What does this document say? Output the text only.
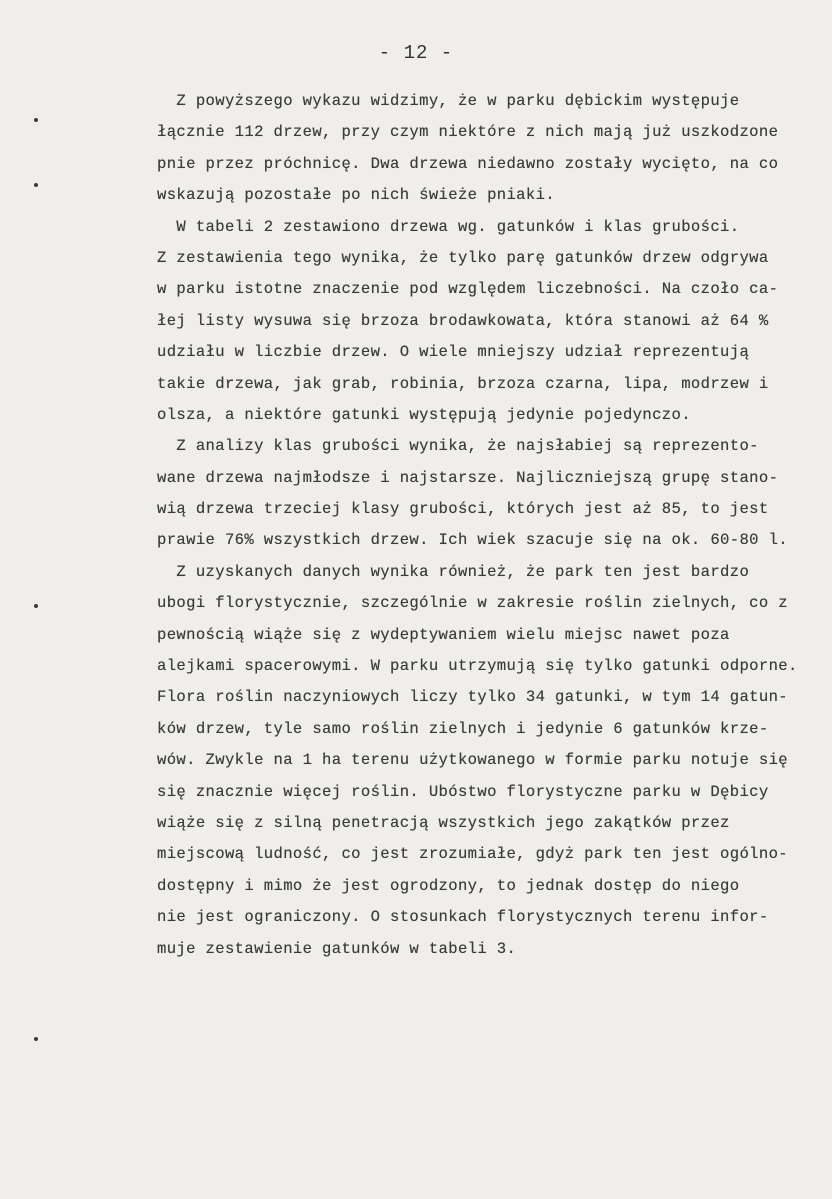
- 12 -
Z powyższego wykazu widzimy, że w parku dębickim występuje
łącznie 112 drzew, przy czym niektóre z nich mają już uszkodzone
pnie przez próchnicę. Dwa drzewa niedawno zostały wycięto, na co
wskazują pozostałe po nich świeże pniaki.
W tabeli 2 zestawiono drzewa wg. gatunków i klas grubości.
Z zestawienia tego wynika, że tylko parę gatunków drzew odgrywa
w parku istotne znaczenie pod względem liczebności. Na czoło ca-
łej listy wysuwa się brzoza brodawkowata, która stanowi aż 64 %
udziału w liczbie drzew. O wiele mniejszy udział reprezentują
takie drzewa, jak grab, robinia, brzoza czarna, lipa, modrzew i
olsza, a niektóre gatunki występują jedynie pojedynczo.
Z analizy klas grubości wynika, że najsłabiej są reprezento-
wane drzewa najmłodsze i najstarsze. Najliczniejszą grupę stano-
wią drzewa trzeciej klasy grubości, których jest aż 85, to jest
prawie 76% wszystkich drzew. Ich wiek szacuje się na ok. 60-80 l.
Z uzyskanych danych wynika również, że park ten jest bardzo
ubogi florystycznie, szczególnie w zakresie roślin zielnych, co z
pewnością wiąże się z wydeptywaniem wielu miejsc nawet poza
alejkami spacerowymi. W parku utrzymują się tylko gatunki odporne.
Flora roślin naczyniowych liczy tylko 34 gatunki, w tym 14 gatun-
ków drzew, tyle samo roślin zielnych i jedynie 6 gatunków krze-
wów. Zwykle na 1 ha terenu użytkowanego w formie parku notuje się
się znacznie więcej roślin. Ubóstwo florystyczne parku w Dębicy
wiąże się z silną penetracją wszystkich jego zakątków przez
miejscową ludność, co jest zrozumiałe, gdyż park ten jest ogólno-
dostępny i mimo że jest ogrodzony, to jednak dostęp do niego
nie jest ograniczony. O stosunkach florystycznych terenu infor-
muje zestawienie gatunków w tabeli 3.
